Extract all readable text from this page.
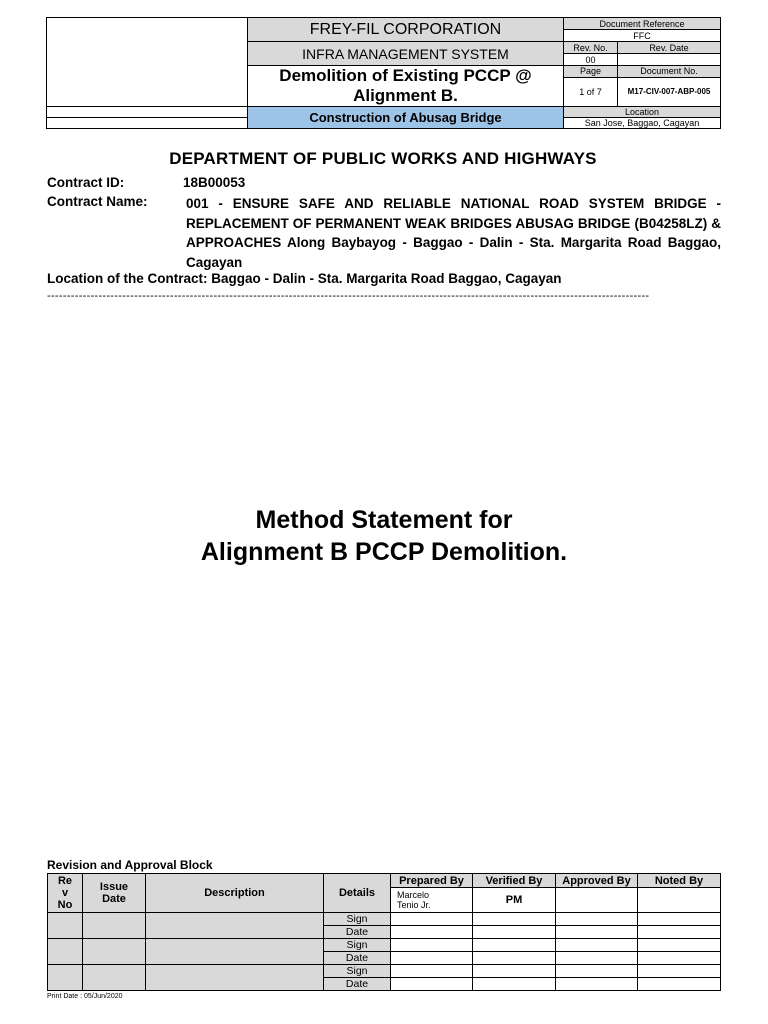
	FREY-FIL CORPORATION	Document Reference	
		FFC	
	INFRA MANAGEMENT SYSTEM	Rev. No.	Rev. Date
		00	

	Demolition of Existing PCCP @
Alignment B.	Page	Document No.
		1 of 7	M17-CIV-007-ABP-005
	Construction of Abusag Bridge	Location	
		San Jose, Baggao, Cagayan	
DEPARTMENT OF PUBLIC WORKS AND HIGHWAYS
Contract ID:	18B00053
Contract Name:	001 - ENSURE SAFE AND RELIABLE NATIONAL ROAD SYSTEM BRIDGE -REPLACEMENT OF PERMANENT WEAK BRIDGES ABUSAG BRIDGE (B04258LZ) & APPROACHES Along Baybayog - Baggao - Dalin - Sta. Margarita Road Baggao, Cagayan
Location of the Contract: Baggao - Dalin - Sta. Margarita Road Baggao, Cagayan
--------------------------------------------------------------------------------------------------------------------------------------------------------
Method Statement for
Alignment B PCCP Demolition.
Revision and Approval Block
Re
v
No	Issue
Date	Description	Details	Prepared By	Verified By	Approved By	Noted By
				Marcelo
Tenio Jr.	PM		
			Sign				
			Date				
			Sign				
			Date				
			Sign				
			Date				
Print Date : 05/Jun/2020
